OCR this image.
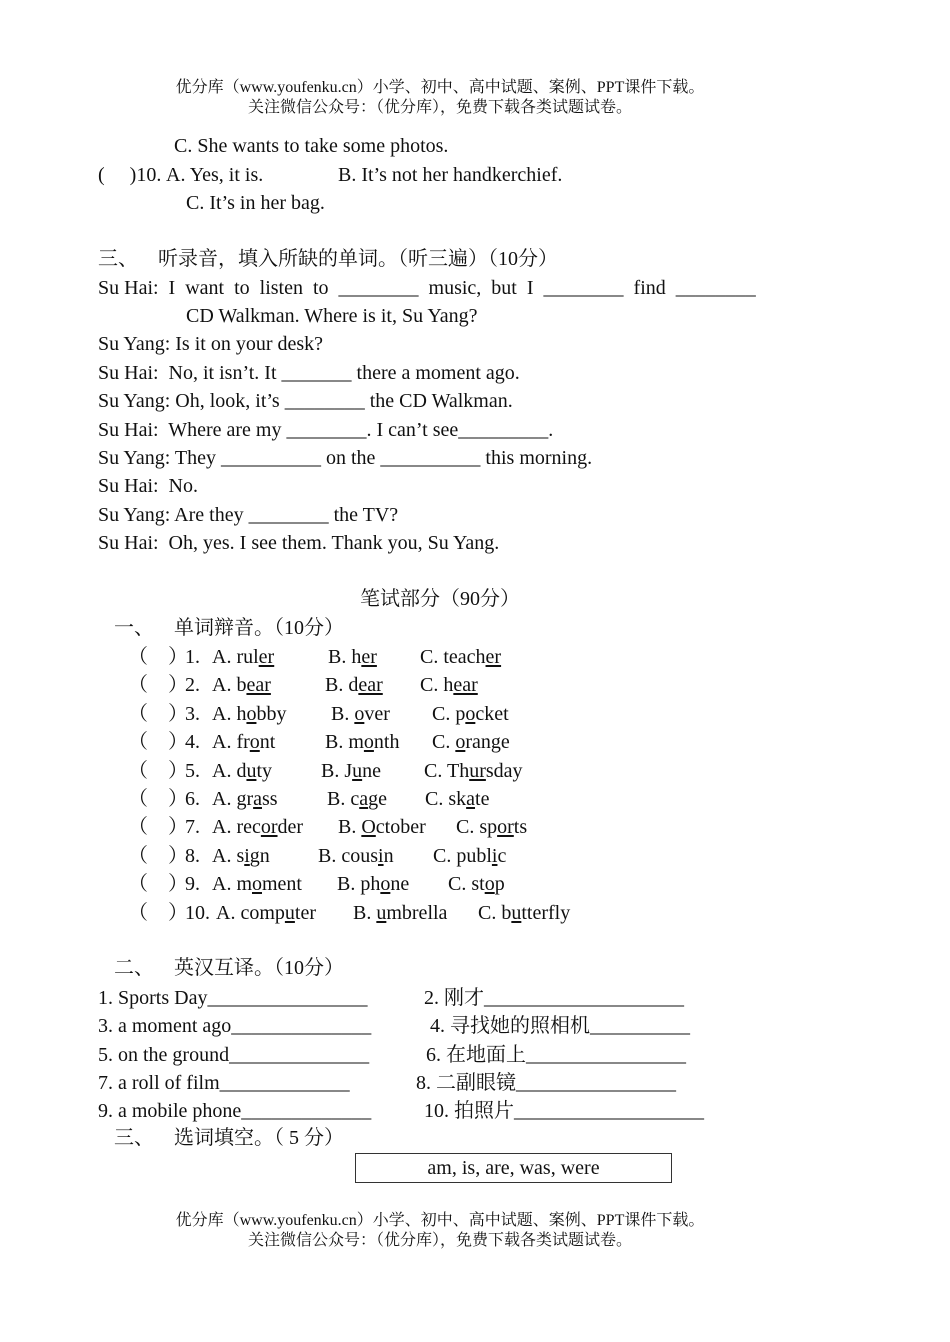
优分库（www.youfenku.cn）小学、初中、高中试题、案例、PPT课件下载。
关注微信公众号：（优分库），免费下载各类试题试卷。
C. She wants to take some photos.
(     )10. A. Yes, it is.	B. It’s not her handkerchief.
C. It’s in her bag.
三、    听录音，填入所缺的单词。（听三遍）（10分）
Su Hai:  I  want  to  listen  to  ________  music,  but  I  ________  find  ________
CD Walkman. Where is it, Su Yang?
Su Yang: Is it on your desk?
Su Hai:  No, it isn’t. It _______ there a moment ago.
Su Yang: Oh, look, it’s ________ the CD Walkman.
Su Hai:  Where are my ________. I can’t see_________.
Su Yang: They __________ on the __________ this morning.
Su Hai:  No.
Su Yang: Are they ________ the TV?
Su Hai:  Oh, yes. I see them. Thank you, Su Yang.
笔试部分（90分）
一、    单词辩音。（10分）
（    ）
1. A. ruler	B. her C. teacher
（    ）
2. A. bear	B. dear C. hear
（    ）
3. A. hobby B. over C. pocket
（    ）
4. A. front B. month C. orange
（    ）
5. A. duty B. June C. Thursday
（    ）
6. A. grass B. cage C. skate
（    ）
7. A. recorder B. October C. sports
（    ）
8. A. sign B. cousin C. public
（    ）
9. A. moment B. phone C. stop
（    ）
10. A. computer B. umbrella C. butterfly
二、    英汉互译。（10分）
1. Sports Day________________	2. 刚才____________________
3. a moment ago______________	4. 寻找她的照相机__________
5. on the ground______________	6. 在地面上________________
7. a roll of film_____________	8. 二副眼镜________________
9. a mobile phone_____________	10. 拍照片___________________
三、    选词填空。（ 5 分）
am, is, are, was, were
优分库（www.youfenku.cn）小学、初中、高中试题、案例、PPT课件下载。
关注微信公众号：（优分库），免费下载各类试题试卷。
